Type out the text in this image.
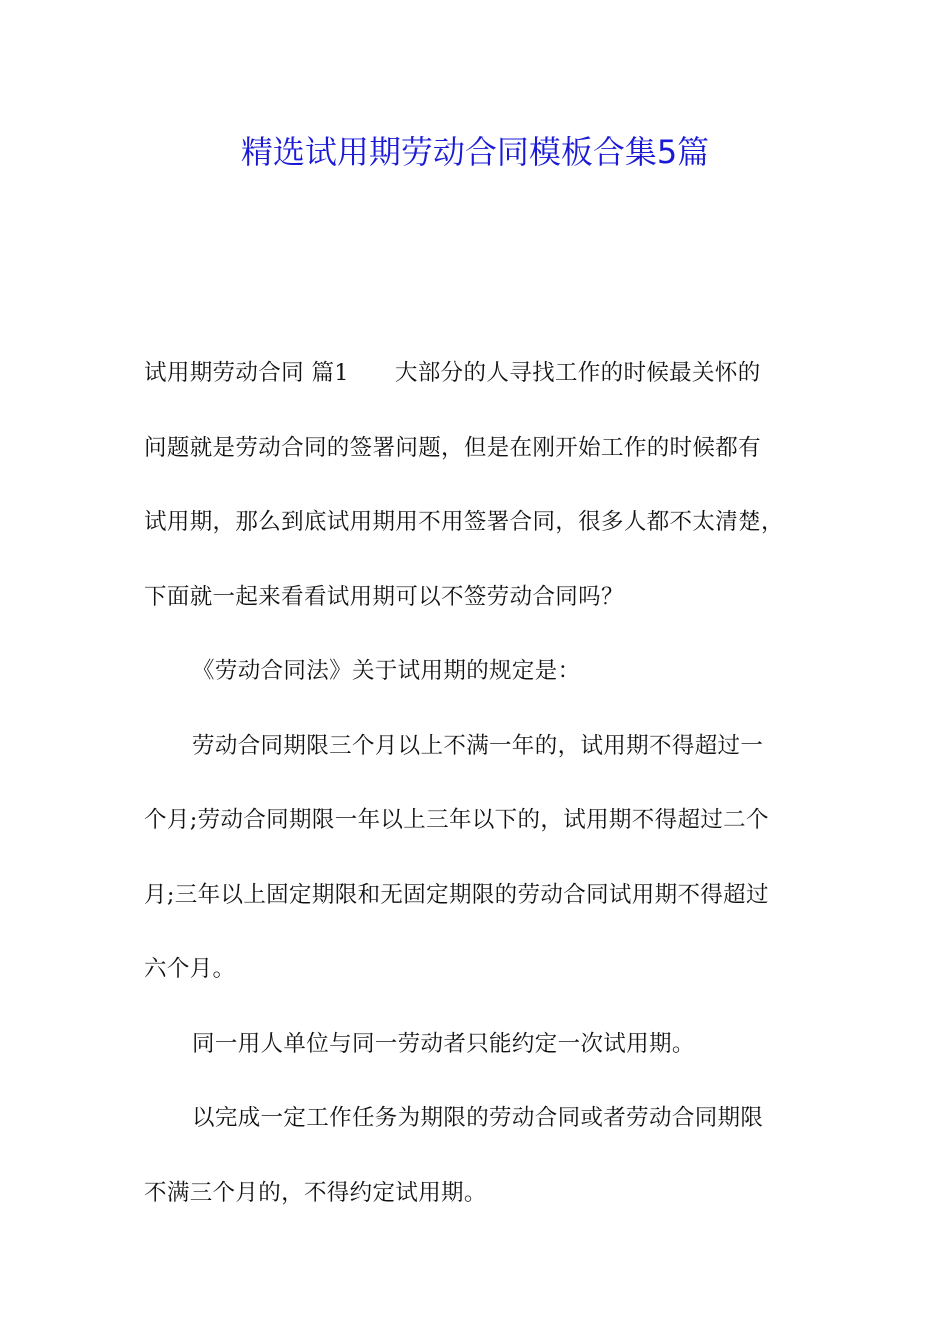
精选试用期劳动合同模板合集5篇

试用期劳动合同 篇1 大部分的人寻找工作的时候最关怀的
问题就是劳动合同的签署问题，但是在刚开始工作的时候都有
试用期，那么到底试用期用不用签署合同，很多人都不太清楚，
下面就一起来看看试用期可以不签劳动合同吗？

《劳动合同法》关于试用期的规定是：

劳动合同期限三个月以上不满一年的，试用期不得超过一
个月;劳动合同期限一年以上三年以下的，试用期不得超过二个
月;三年以上固定期限和无固定期限的劳动合同试用期不得超过
六个月。

同一用人单位与同一劳动者只能约定一次试用期。

以完成一定工作任务为期限的劳动合同或者劳动合同期限
不满三个月的，不得约定试用期。
